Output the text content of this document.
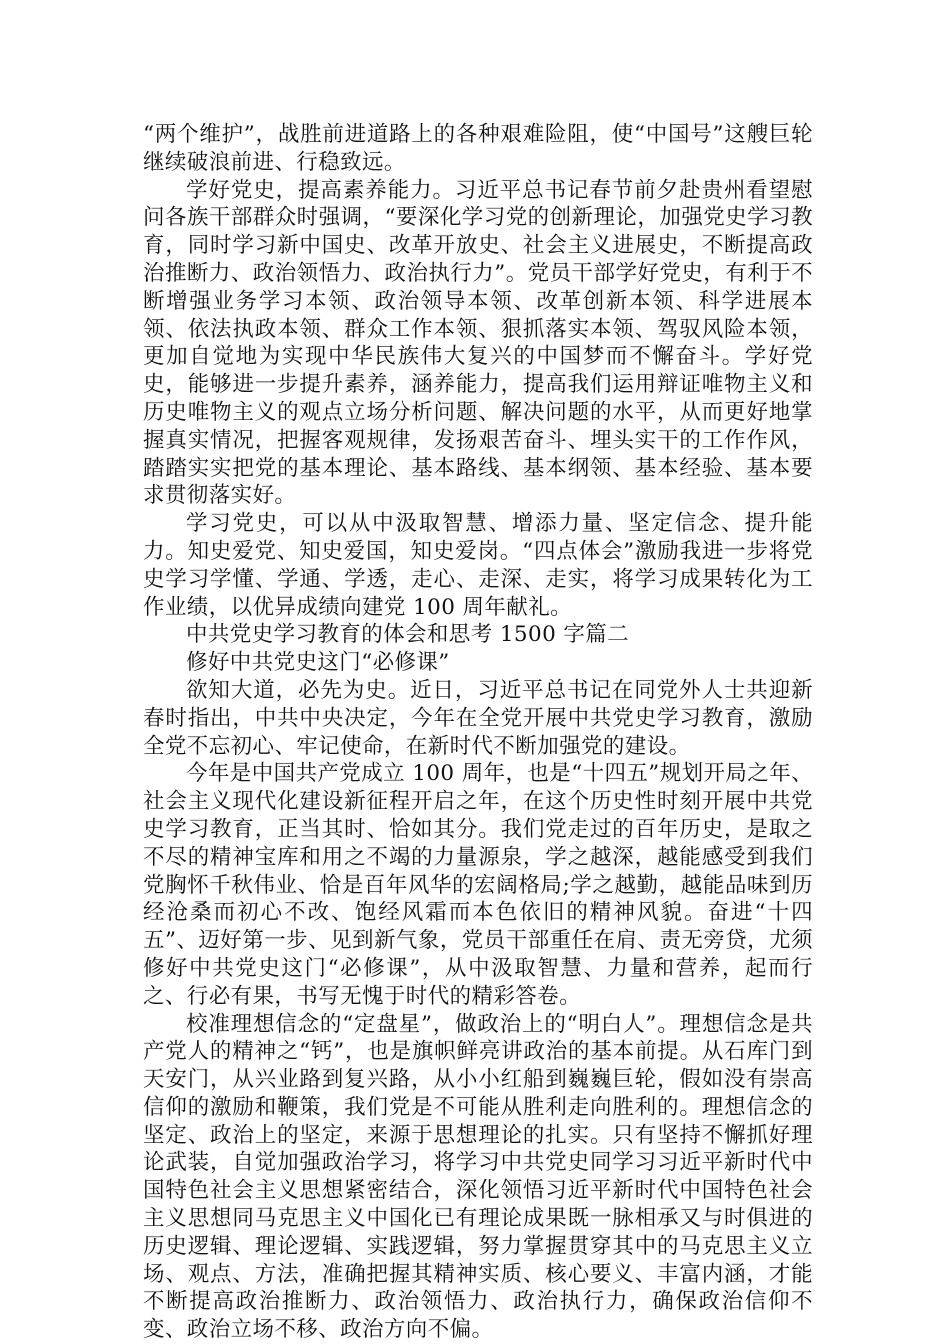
“两个维护”，战胜前进道路上的各种艰难险阻，使“中国号”这艘巨轮继续破浪前进、行稳致远。

学好党史，提高素养能力。习近平总书记春节前夕赴贵州看望慰问各族干部群众时强调，“要深化学习党的创新理论，加强党史学习教育，同时学习新中国史、改革开放史、社会主义进展史，不断提高政治推断力、政治领悟力、政治执行力”。党员干部学好党史，有利于不断增强业务学习本领、政治领导本领、改革创新本领、科学进展本领、依法执政本领、群众工作本领、狠抓落实本领、驾驭风险本领，更加自觉地为实现中华民族伟大复兴的中国梦而不懈奋斗。学好党史，能够进一步提升素养，涵养能力，提高我们运用辩证唯物主义和历史唯物主义的观点立场分析问题、解决问题的水平，从而更好地掌握真实情况，把握客观规律，发扬艰苦奋斗、埋头实干的工作作风，踏踏实实把党的基本理论、基本路线、基本纲领、基本经验、基本要求贯彻落实好。

学习党史，可以从中汲取智慧、增添力量、坚定信念、提升能力。知史爱党、知史爱国，知史爱岗。“四点体会”激励我进一步将党史学习学懂、学通、学透，走心、走深、走实，将学习成果转化为工作业绩，以优异成绩向建党 100 周年献礼。

中共党史学习教育的体会和思考 1500 字篇二

修好中共党史这门“必修课”

欲知大道，必先为史。近日，习近平总书记在同党外人士共迎新春时指出，中共中央决定，今年在全党开展中共党史学习教育，激励全党不忘初心、牢记使命，在新时代不断加强党的建设。

今年是中国共产党成立 100 周年，也是“十四五”规划开局之年、社会主义现代化建设新征程开启之年，在这个历史性时刻开展中共党史学习教育，正当其时、恰如其分。我们党走过的百年历史，是取之不尽的精神宝库和用之不竭的力量源泉，学之越深，越能感受到我们党胸怀千秋伟业、恰是百年风华的宏阔格局;学之越勤，越能品味到历经沧桑而初心不改、饱经风霜而本色依旧的精神风貌。奋进“十四五”、迈好第一步、见到新气象，党员干部重任在肩、责无旁贷，尤须修好中共党史这门“必修课”，从中汲取智慧、力量和营养，起而行之、行必有果，书写无愧于时代的精彩答卷。

校准理想信念的“定盘星”，做政治上的“明白人”。理想信念是共产党人的精神之“钙”，也是旗帜鲜亮讲政治的基本前提。从石库门到天安门，从兴业路到复兴路，从小小红船到巍巍巨轮，假如没有崇高信仰的激励和鞭策，我们党是不可能从胜利走向胜利的。理想信念的坚定、政治上的坚定，来源于思想理论的扎实。只有坚持不懈抓好理论武装，自觉加强政治学习，将学习中共党史同学习习近平新时代中国特色社会主义思想紧密结合，深化领悟习近平新时代中国特色社会主义思想同马克思主义中国化已有理论成果既一脉相承又与时俱进的历史逻辑、理论逻辑、实践逻辑，努力掌握贯穿其中的马克思主义立场、观点、方法，准确把握其精神实质、核心要义、丰富内涵，才能不断提高政治推断力、政治领悟力、政治执行力，确保政治信仰不变、政治立场不移、政治方向不偏。
